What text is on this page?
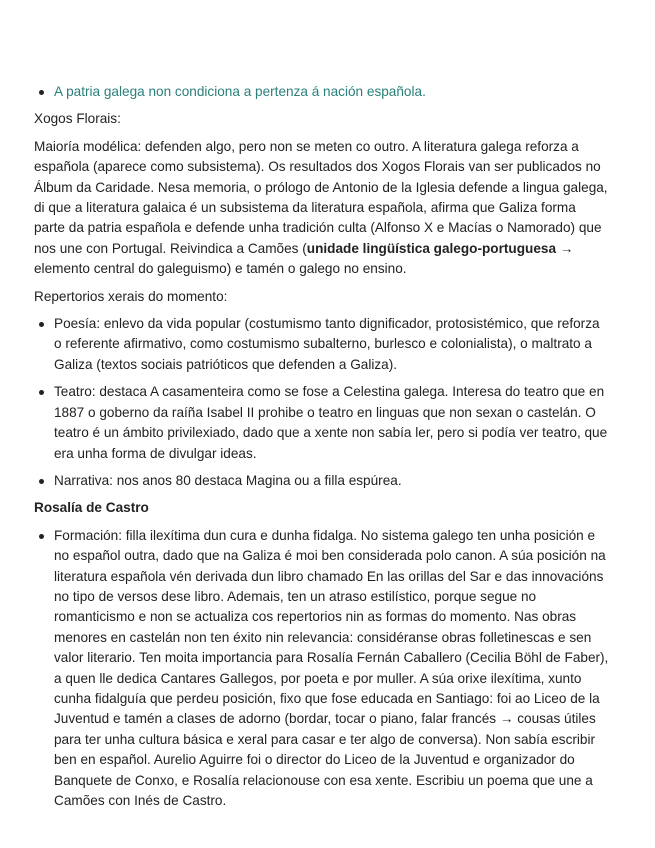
A patria galega non condiciona a pertenza á nación española.

Xogos Florais:

Maioría modélica: defenden algo, pero non se meten co outro. A literatura galega reforza a española (aparece como subsistema). Os resultados dos Xogos Florais van ser publicados no Álbum da Caridade. Nesa memoria, o prólogo de Antonio de la Iglesia defende a lingua galega, di que a literatura galaica é un subsistema da literatura española, afirma que Galiza forma parte da patria española e defende unha tradición culta (Alfonso X e Macías o Namorado) que nos une con Portugal. Reivindica a Camões (unidade lingüística galego-portuguesa → elemento central do galeguismo) e tamén o galego no ensino.

Repertorios xerais do momento:

Poesía: enlevo da vida popular (costumismo tanto dignificador, protosistémico, que reforza o referente afirmativo, como costumismo subalterno, burlesco e colonialista), o maltrato a Galiza (textos sociais patrióticos que defenden a Galiza).
Teatro: destaca A casamenteira como se fose a Celestina galega. Interesa do teatro que en 1887 o goberno da raíña Isabel II prohibe o teatro en linguas que non sexan o castelán. O teatro é un ámbito privilexiado, dado que a xente non sabía ler, pero si podía ver teatro, que era unha forma de divulgar ideas.
Narrativa: nos anos 80 destaca Magina ou a filla espúrea.

Rosalía de Castro

Formación: filla ilexítima dun cura e dunha fidalga. No sistema galego ten unha posición e no español outra, dado que na Galiza é moi ben considerada polo canon. A súa posición na literatura española vén derivada dun libro chamado En las orillas del Sar e das innovacións no tipo de versos dese libro. Ademais, ten un atraso estilístico, porque segue no romanticismo e non se actualiza cos repertorios nin as formas do momento. Nas obras menores en castelán non ten éxito nin relevancia: considéranse obras folletinescas e sen valor literario. Ten moita importancia para Rosalía Fernán Caballero (Cecilia Böhl de Faber), a quen lle dedica Cantares Gallegos, por poeta e por muller. A súa orixe ilexítima, xunto cunha fidalguía que perdeu posición, fixo que fose educada en Santiago: foi ao Liceo de la Juventud e tamén a clases de adorno (bordar, tocar o piano, falar francés → cousas útiles para ter unha cultura básica e xeral para casar e ter algo de conversa). Non sabía escribir ben en español. Aurelio Aguirre foi o director do Liceo de la Juventud e organizador do Banquete de Conxo, e Rosalía relacionouse con esa xente. Escribiu un poema que une a Camões con Inés de Castro.
